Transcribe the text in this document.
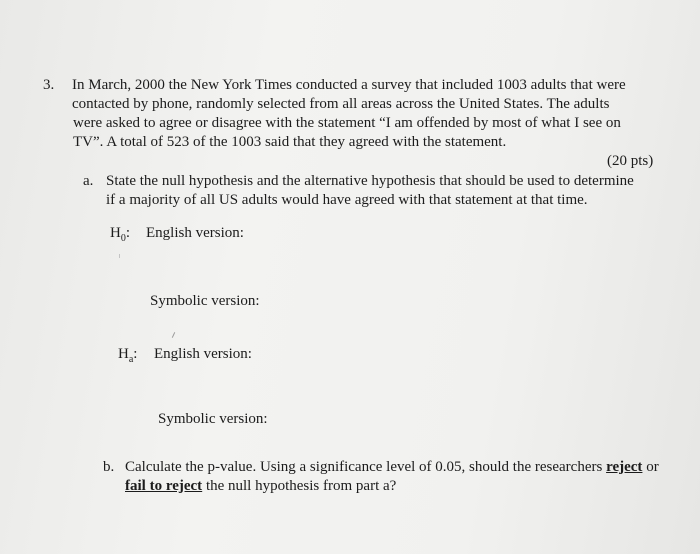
3. In March, 2000 the New York Times conducted a survey that included 1003 adults that were
contacted by phone, randomly selected from all areas across the United States. The adults
were asked to agree or disagree with the statement “I am offended by most of what I see on
TV”. A total of 523 of the 1003 said that they agreed with the statement.
(20 pts)
a. State the null hypothesis and the alternative hypothesis that should be used to determine
if a majority of all US adults would have agreed with that statement at that time.
$H_0$: English version:
Symbolic version:
$H_a$: English version:
Symbolic version:
b. Calculate the p-value. Using a significance level of 0.05, should the researchers reject or
fail to reject the null hypothesis from part a?
